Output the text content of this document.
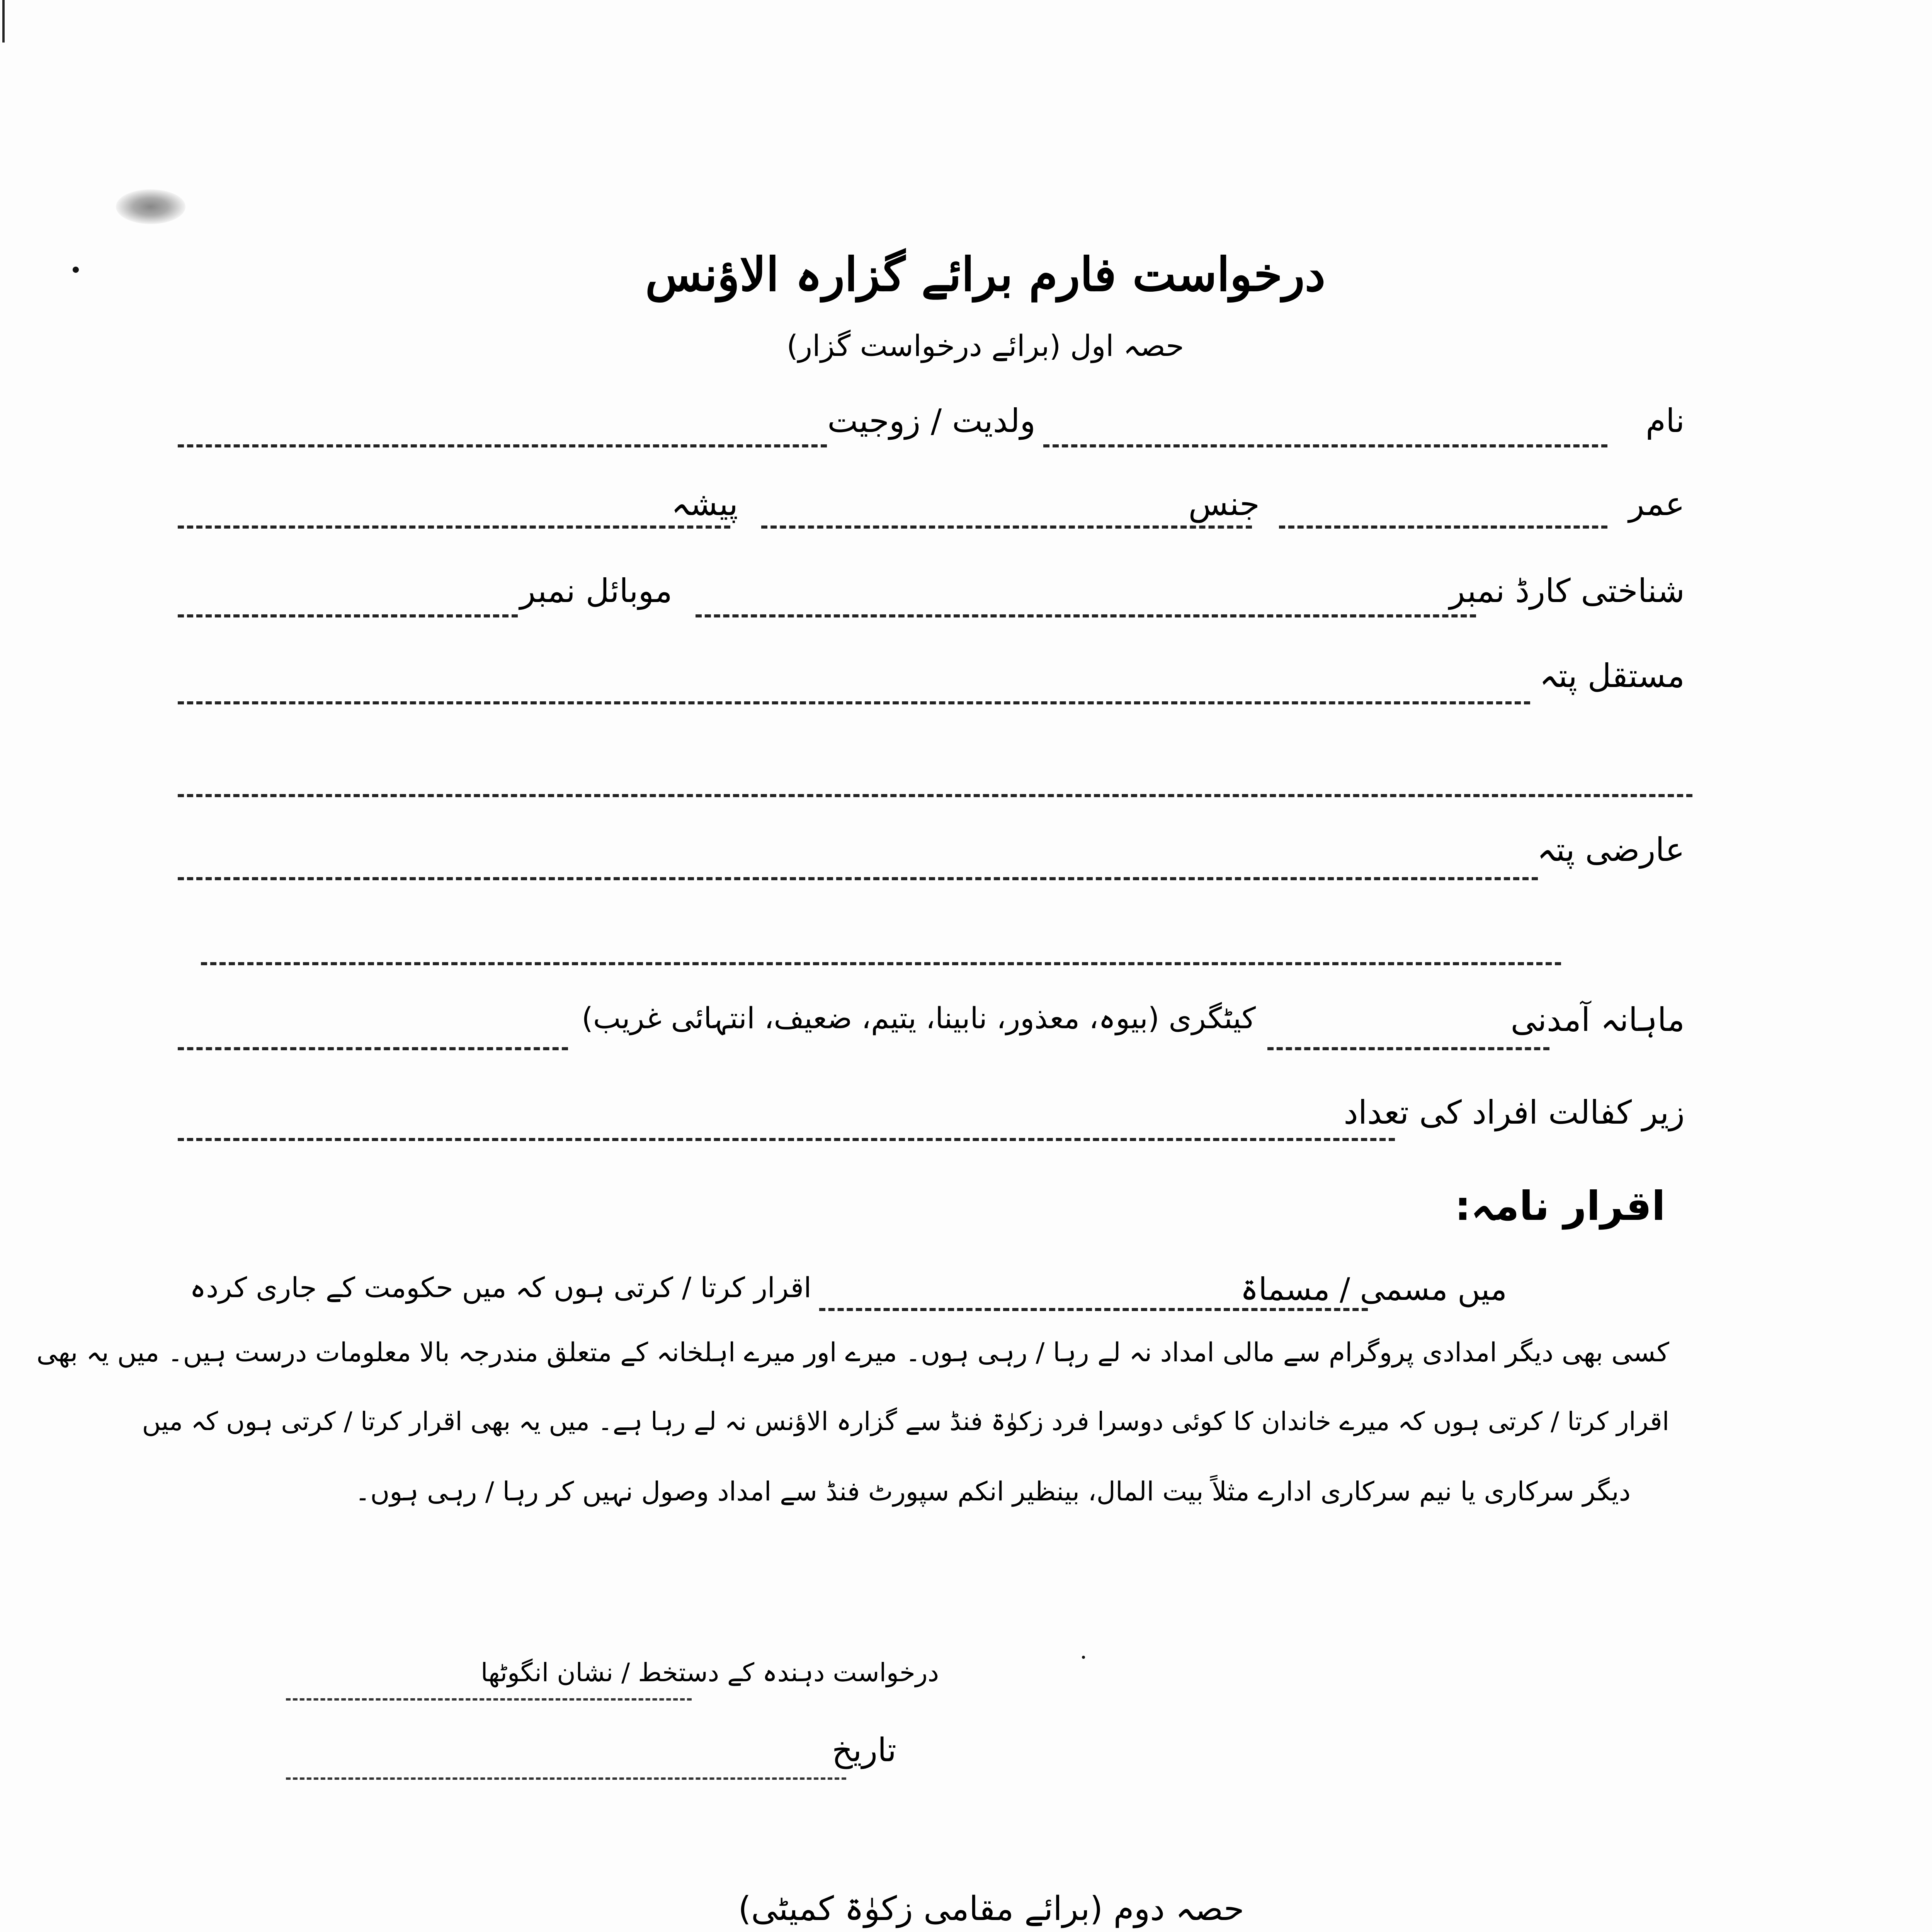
درخواست فارم برائے گزارہ الاؤنس
حصہ اول (برائے درخواست گزار)
نام
ولدیت / زوجیت
عمر
جنس
پیشہ
شناختی کارڈ نمبر
موبائل نمبر
مستقل پتہ
عارضی پتہ
ماہانہ آمدنی
کیٹگری (بیوہ، معذور، نابینا، یتیم، ضعیف، انتہائی غریب)
زیر کفالت افراد کی تعداد
اقرار نامہ:
میں مسمی / مسماۃ
اقرار کرتا / کرتی ہوں کہ میں حکومت کے جاری کردہ
کسی بھی دیگر امدادی پروگرام سے مالی امداد نہ لے رہا / رہی ہوں۔ میرے اور میرے اہلخانہ کے متعلق مندرجہ بالا معلومات درست ہیں۔ میں یہ بھی
اقرار کرتا / کرتی ہوں کہ میرے خاندان کا کوئی دوسرا فرد زکوٰۃ فنڈ سے گزارہ الاؤنس نہ لے رہا ہے۔ میں یہ بھی اقرار کرتا / کرتی ہوں کہ میں
دیگر سرکاری یا نیم سرکاری ادارے مثلاً بیت المال، بینظیر انکم سپورٹ فنڈ سے امداد وصول نہیں کر رہا / رہی ہوں۔
درخواست دہندہ کے دستخط / نشان انگوٹھا
تاریخ
حصہ دوم (برائے مقامی زکوٰۃ کمیٹی)
